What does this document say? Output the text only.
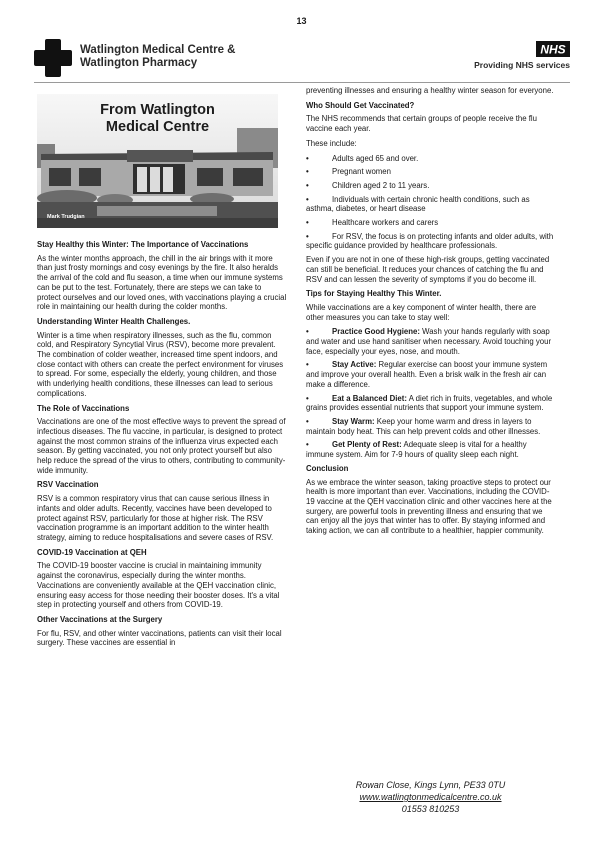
13
Watlington Medical Centre &
Watlington Pharmacy
NHS
Providing NHS services
From Watlington
Medical Centre
Mark Trudgian
Stay Healthy this Winter: The Importance of Vaccinations
As the winter months approach, the chill in the air brings with it more than just frosty mornings and cosy evenings by the fire. It also heralds the arrival of the cold and flu season, a time when our immune systems can be put to the test. Fortunately, there are steps we can take to protect ourselves and our loved ones, with vaccinations playing a crucial role in maintaining our health during the colder months.
Understanding Winter Health Challenges.
Winter is a time when respiratory illnesses, such as the flu, common cold, and Respiratory Syncytial Virus (RSV), become more prevalent. The combination of colder weather, increased time spent indoors, and close contact with others can create the perfect environment for viruses to spread. For some, especially the elderly, young children, and those with underlying health conditions, these illnesses can lead to serious complications.
The Role of Vaccinations
Vaccinations are one of the most effective ways to prevent the spread of infectious diseases. The flu vaccine, in particular, is designed to protect against the most common strains of the influenza virus expected each season. By getting vaccinated, you not only protect yourself but also help reduce the spread of the virus to others, contributing to community-wide immunity.
RSV Vaccination
RSV is a common respiratory virus that can cause serious illness in infants and older adults. Recently, vaccines have been developed to protect against RSV, particularly for those at higher risk. The RSV vaccination programme is an important addition to the winter health strategy, aiming to reduce hospitalisations and severe cases of RSV.
COVID-19 Vaccination at QEH
The COVID-19 booster vaccine is crucial in maintaining immunity against the coronavirus, especially during the winter months. Vaccinations are conveniently available at the QEH vaccination clinic, ensuring easy access for those needing their booster doses. It's a vital step in protecting yourself and others from COVID-19.
Other Vaccinations at the Surgery
For flu, RSV, and other winter vaccinations, patients can visit their local surgery. These vaccines are essential in
preventing illnesses and ensuring a healthy winter season for everyone.
Who Should Get Vaccinated?
The NHS recommends that certain groups of people receive the flu vaccine each year.
These include:
•Adults aged 65 and over.
•Pregnant women
•Children aged 2 to 11 years.
•Individuals with certain chronic health conditions, such as asthma, diabetes, or heart disease
•Healthcare workers and carers
•For RSV, the focus is on protecting infants and older adults, with specific guidance provided by healthcare professionals.
Even if you are not in one of these high-risk groups, getting vaccinated can still be beneficial. It reduces your chances of catching the flu and RSV and can lessen the severity of symptoms if you do become ill.
Tips for Staying Healthy This Winter.
While vaccinations are a key component of winter health, there are other measures you can take to stay well:
•Practice Good Hygiene: Wash your hands regularly with soap and water and use hand sanitiser when necessary. Avoid touching your face, especially your eyes, nose, and mouth.
•Stay Active: Regular exercise can boost your immune system and improve your overall health. Even a brisk walk in the fresh air can make a difference.
•Eat a Balanced Diet: A diet rich in fruits, vegetables, and whole grains provides essential nutrients that support your immune system.
•Stay Warm: Keep your home warm and dress in layers to maintain body heat. This can help prevent colds and other illnesses.
•Get Plenty of Rest: Adequate sleep is vital for a healthy immune system. Aim for 7-9 hours of quality sleep each night.
Conclusion
As we embrace the winter season, taking proactive steps to protect our health is more important than ever. Vaccinations, including the COVID-19 vaccine at the QEH vaccination clinic and other vaccines here at the surgery, are powerful tools in preventing illness and ensuring that we can enjoy all the joys that winter has to offer. By staying informed and taking action, we can all contribute to a healthier, happier community.
Rowan Close, Kings Lynn, PE33 0TU
www.watlingtonmedicalcentre.co.uk
01553 810253
